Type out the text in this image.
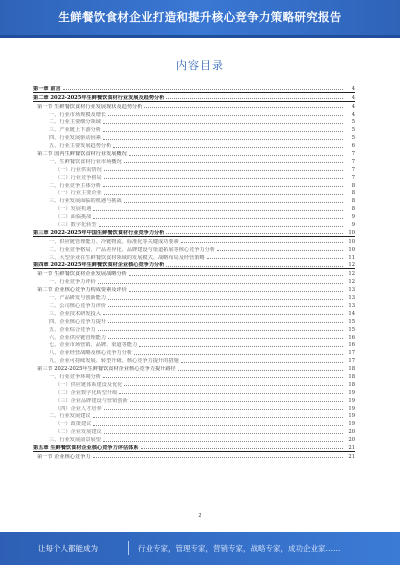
生鲜餐饮食材企业打造和提升核心竞争力策略研究报告
内容目录
第一章 前言	4
第二章 2022-2025年生鲜餐饮食材行业发展及趋势分析	4
第一节 生鲜餐饮食材行业发展现状及趋势分析	4
一、行业市场规模及增长	4
二、行业主要细分领域	5
三、产业链上下游分析	5
四、行业发展驱动因素	5
五、行业主要发展趋势分析	6
第二节 国内生鲜餐饮食材行业发展概况	7
一、生鲜餐饮食材行业市场概况	7
（一）行业供需情况	7
（二）行业竞争格局	7
二、行业竞争主体分析	8
（一）行业主要企业	8
三、行业发展面临的机遇与挑战	8
（一）发展机遇	8
（二）面临挑战	9
（三）数字化转型	9
第三章 2022-2025年中国生鲜餐饮食材行业竞争力分析	10
一、供应链管理能力、冷链物流、标准化等关键成功要素	10
二、行业竞争格局、产品差异化、品牌建设与渠道拓展等核心竞争力分析	10
三、大型企业在生鲜餐饮食材领域的发展模式、战略布局及经营策略	11
第四章 2022-2025年生鲜餐饮食材企业核心竞争力分析	12
第一节 生鲜餐饮食材企业发展战略分析	12
一、行业竞争力评价	12
第二节 企业核心竞争力构成要素及评价	13
一、产品研发与创新能力	13
二、公司核心竞争力评价	13
三、企业技术研发投入	14
四、企业核心竞争力提升	15
五、企业综合竞争力	15
六、企业供应链管理能力	16
七、企业市场营销、品牌、渠道等能力	16
八、企业经营战略及核心竞争力分析	17
九、企业可持续发展、转型升级、核心竞争力提升的措施	17
第三节 2022-2025年生鲜餐饮食材企业核心竞争力提升路径	18
一、行业竞争环境分析	18
（一）供应链体系建设及优化	18
（二）企业数字化转型升级	19
（三）企业品牌建设与营销创新	19
（四）企业人才培养	19
二、行业发展建议	19
（一）政策建议	19
（二）企业发展建议	20
三、行业发展前景展望	20
第五章 生鲜餐饮食材企业核心竞争力评估体系	21
第一节 企业核心竞争力	21
2
让每个人都能成为	行业专家，管理专家，营销专家，战略专家，成功企业家……
